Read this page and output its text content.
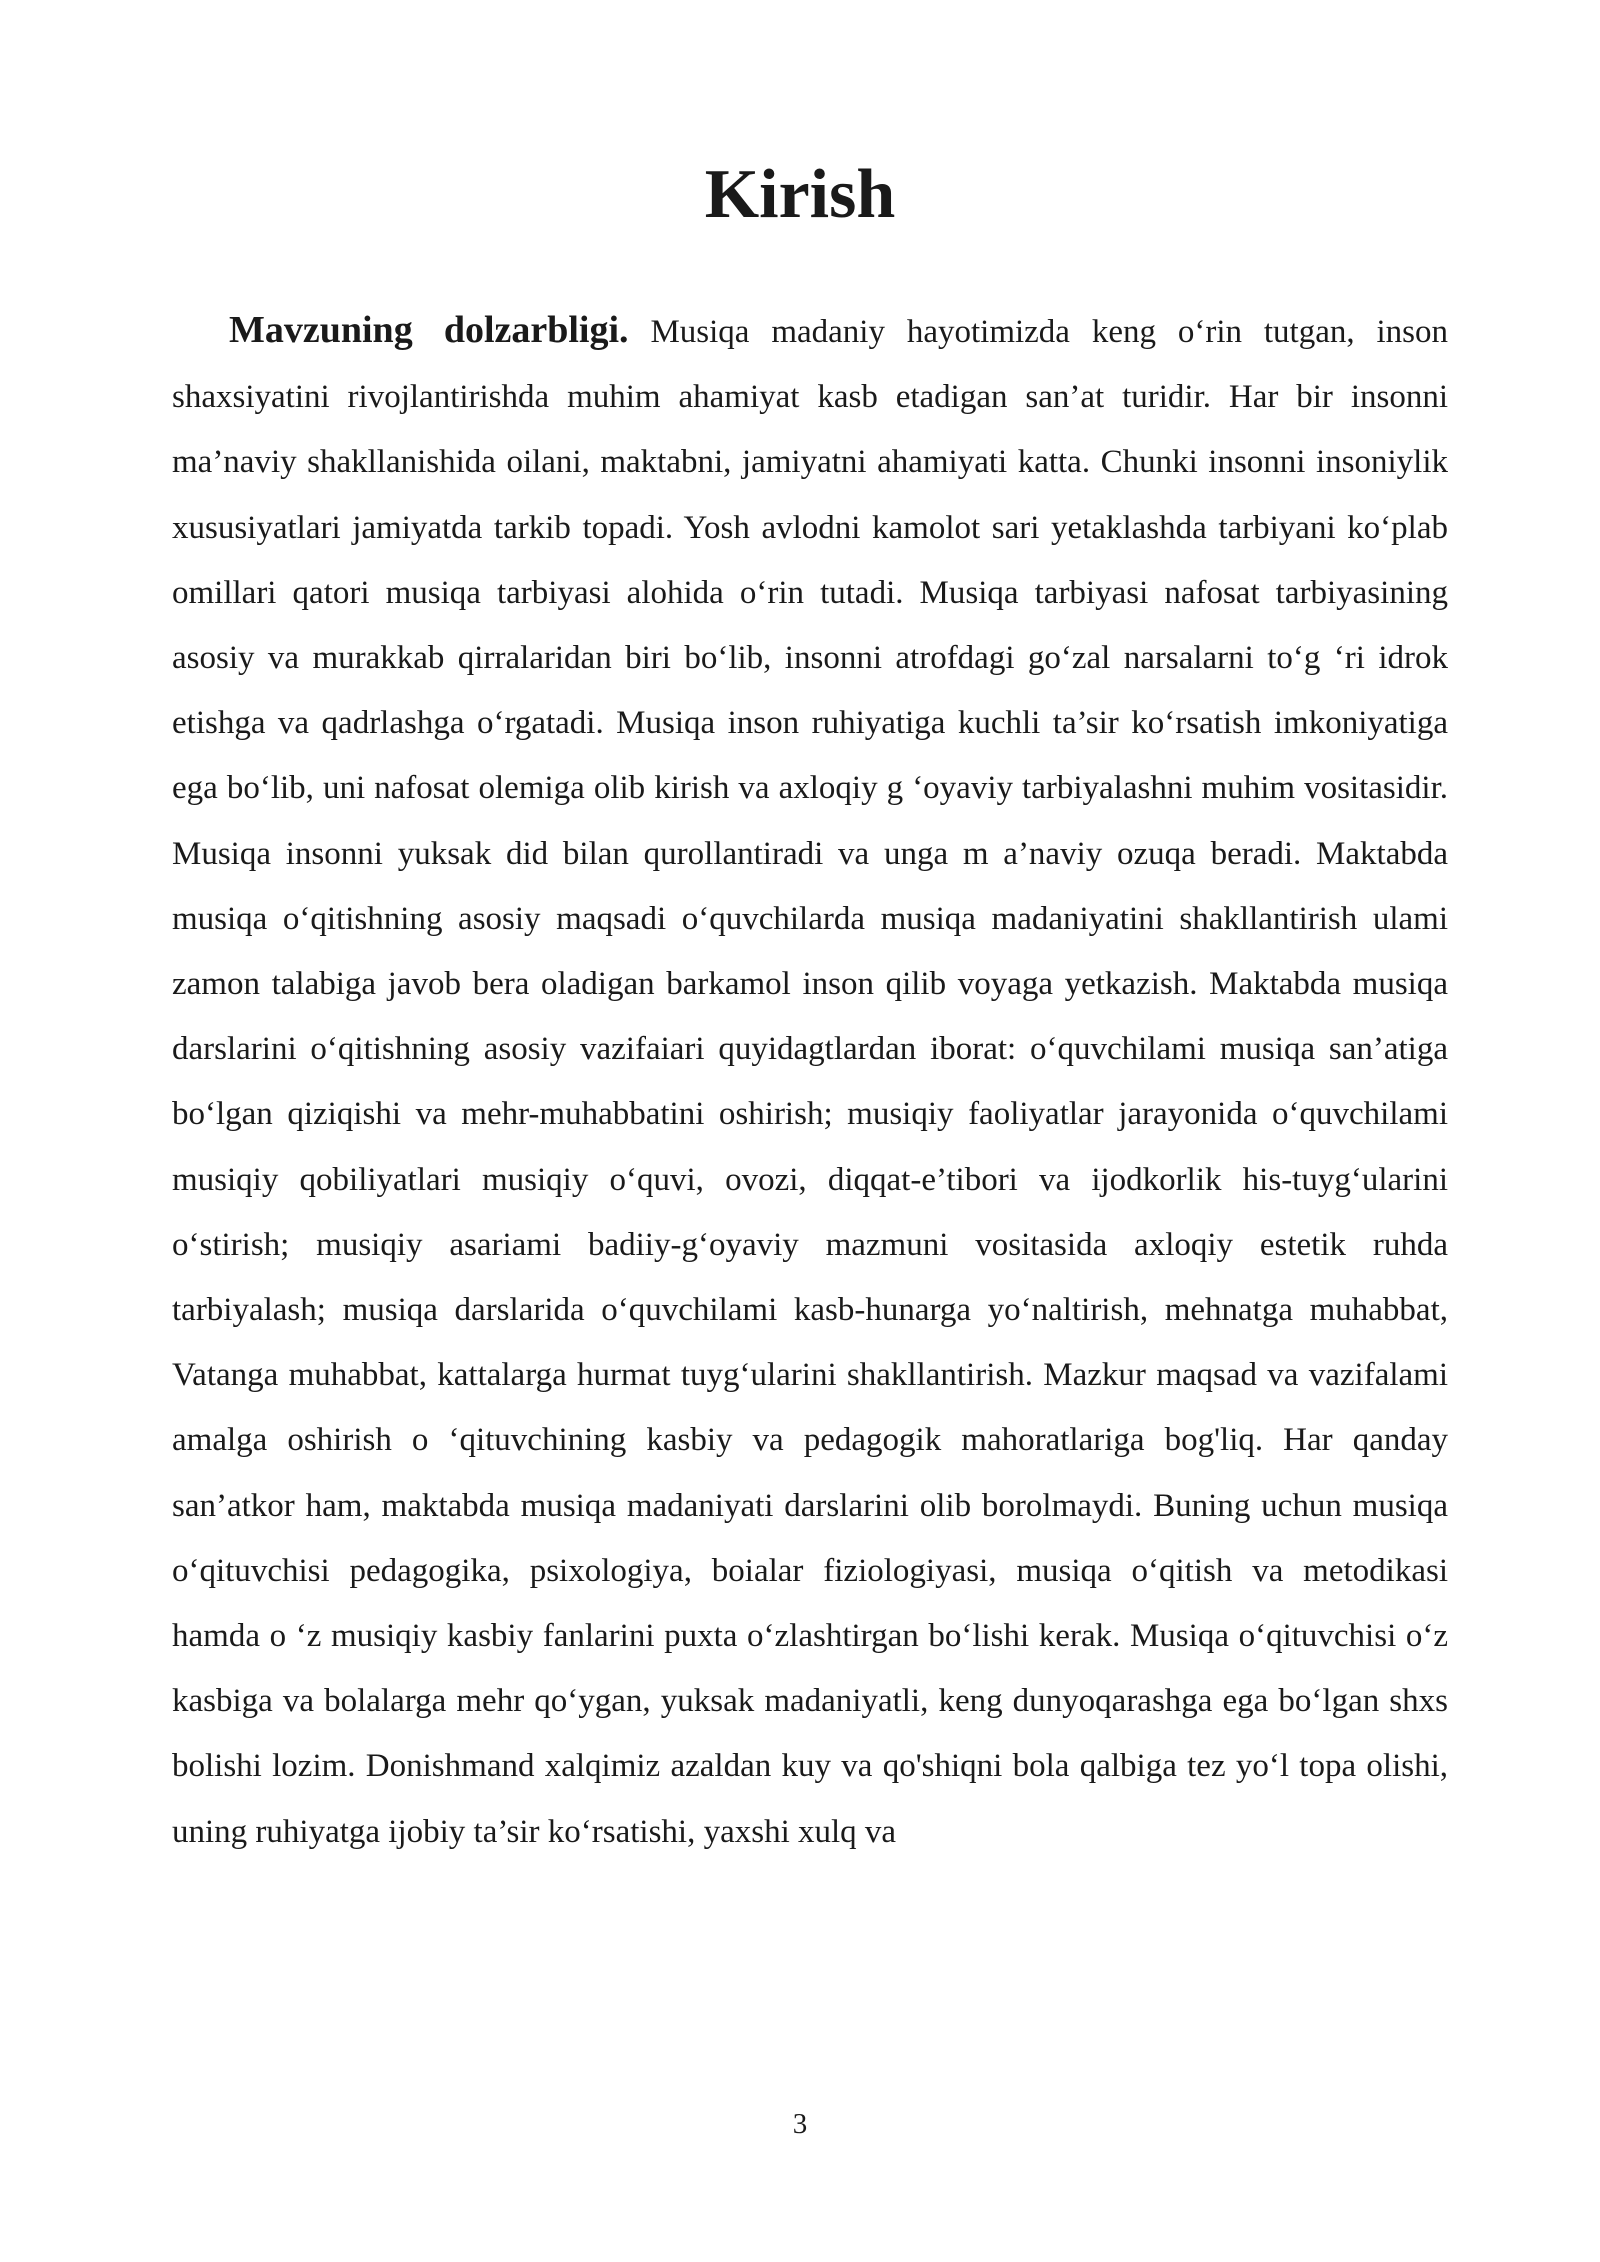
Kirish

Mavzuning dolzarbligi. Musiqa madaniy hayotimizda keng o‘rin tutgan, inson shaxsiyatini rivojlantirishda muhim ahamiyat kasb etadigan san’at turidir. Har bir insonni ma’naviy shakllanishida oilani, maktabni, jamiyatni ahamiyati katta. Chunki insonni insoniylik xususiyatlari jamiyatda tarkib topadi. Yosh avlodni kamolot sari yetaklashda tarbiyani ko‘plab omillari qatori musiqa tarbiyasi alohida o‘rin tutadi. Musiqa tarbiyasi nafosat tarbiyasining asosiy va murakkab qirralaridan biri bo‘lib, insonni atrofdagi go‘zal narsalarni to‘g ‘ri idrok etishga va qadrlashga o‘rgatadi. Musiqa inson ruhiyatiga kuchli ta’sir ko‘rsatish imkoniyatiga ega bo‘lib, uni nafosat olemiga olib kirish va axloqiy g ‘oyaviy tarbiyalashni muhim vositasidir. Musiqa insonni yuksak did bilan qurollantiradi va unga m a’naviy ozuqa beradi. Maktabda musiqa o‘qitishning asosiy maqsadi o‘quvchilarda musiqa madaniyatini shakllantirish ulami zamon talabiga javob bera oladigan barkamol inson qilib voyaga yetkazish. Maktabda musiqa darslarini o‘qitishning asosiy vazifaiari quyidagtlardan iborat: o‘quvchilami musiqa san’atiga bo‘lgan qiziqishi va mehr-muhabbatini oshirish; musiqiy faoliyatlar jarayonida o‘quvchilami musiqiy qobiliyatlari musiqiy o‘quvi, ovozi, diqqat-e’tibori va ijodkorlik his-tuyg‘ularini o‘stirish; musiqiy asariami badiiy-g‘oyaviy mazmuni vositasida axloqiy estetik ruhda tarbiyalash; musiqa darslarida o‘quvchilami kasb-hunarga yo‘naltirish, mehnatga muhabbat, Vatanga muhabbat, kattalarga hurmat tuyg‘ularini shakllantirish. Mazkur maqsad va vazifalami amalga oshirish o ‘qituvchining kasbiy va pedagogik mahoratlariga bog'liq. Har qanday san’atkor ham, maktabda musiqa madaniyati darslarini olib borolmaydi. Buning uchun musiqa o‘qituvchisi pedagogika, psixologiya, boialar fiziologiyasi, musiqa o‘qitish va metodikasi hamda o ‘z musiqiy kasbiy fanlarini puxta o‘zlashtirgan bo‘lishi kerak. Musiqa o‘qituvchisi o‘z kasbiga va bolalarga mehr qo‘ygan, yuksak madaniyatli, keng dunyoqarashga ega bo‘lgan shxs bolishi lozim. Donishmand xalqimiz azaldan kuy va qo'shiqni bola qalbiga tez yo‘l topa olishi, uning ruhiyatga ijobiy ta’sir ko‘rsatishi, yaxshi xulq va

3
